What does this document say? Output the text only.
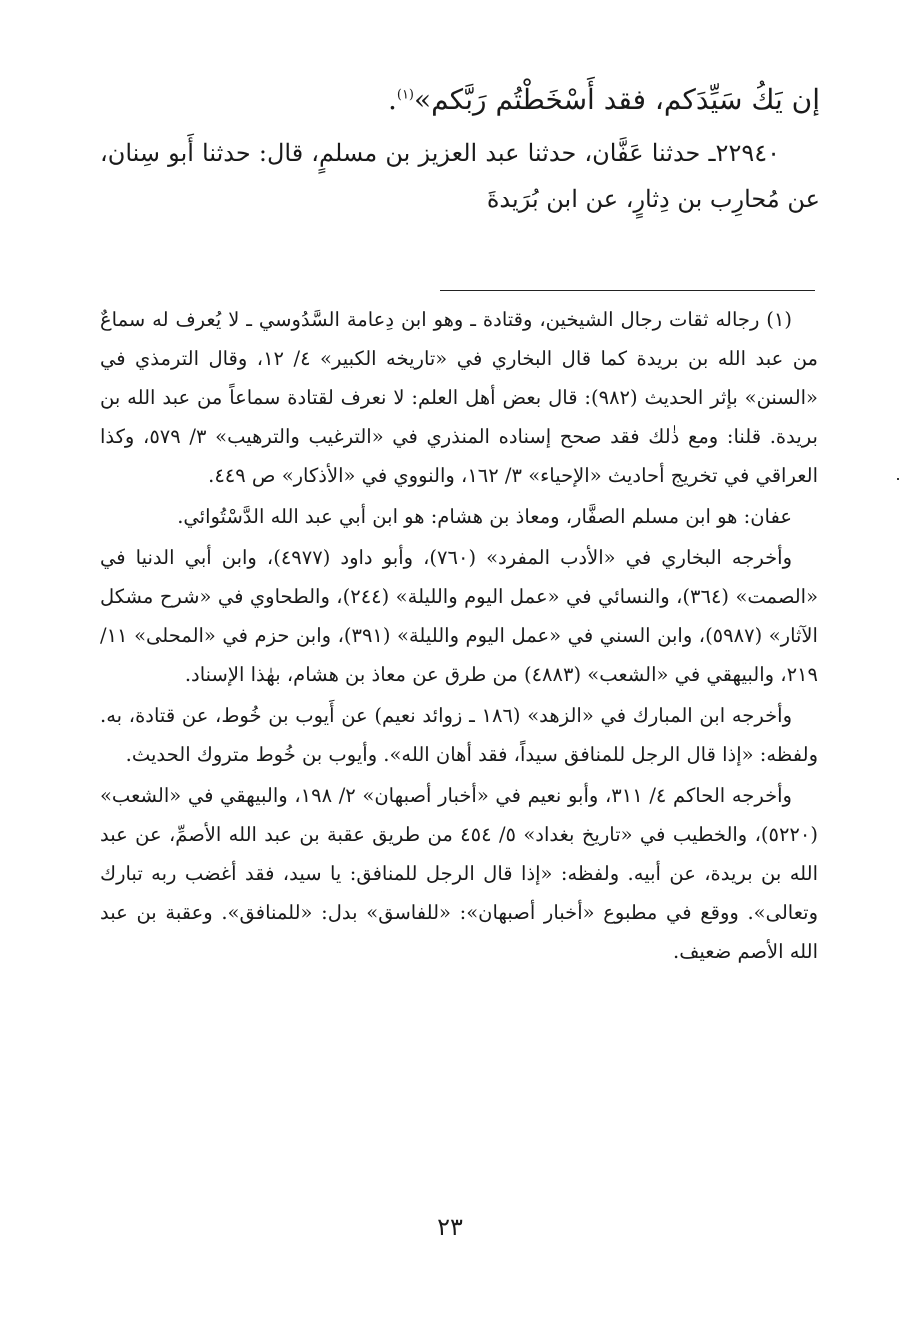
إن يَكُ سَيِّدَكم، فقد أَسْخَطْتُم رَبَّكم»$^{(١)}$.

٢٢٩٤٠ـ حدثنا عَفَّان، حدثنا عبد العزيز بن مسلمٍ، قال: حدثنا أَبو سِنان، عن مُحارِب بن دِثارٍ، عن ابن بُرَيدةَ

(١) رجاله ثقات رجال الشيخين، وقتادة ـ وهو ابن دِعامة السَّدُوسي ـ لا يُعرف له سماعٌ من عبد الله بن بريدة كما قال البخاري في «تاريخه الكبير» ٤/ ١٢، وقال الترمذي في «السنن» بإثر الحديث (٩٨٢): قال بعض أهل العلم: لا نعرف لقتادة سماعاً من عبد الله بن بريدة. قلنا: ومع ذٰلك فقد صحح إسناده المنذري في «الترغيب والترهيب» ٣/ ٥٧٩، وكذا العراقي في تخريج أحاديث «الإحياء» ٣/ ١٦٢، والنووي في «الأذكار» ص ٤٤٩.

عفان: هو ابن مسلم الصفَّار، ومعاذ بن هشام: هو ابن أبي عبد الله الدَّسْتُوائي.

وأخرجه البخاري في «الأدب المفرد» (٧٦٠)، وأبو داود (٤٩٧٧)، وابن أبي الدنيا في «الصمت» (٣٦٤)، والنسائي في «عمل اليوم والليلة» (٢٤٤)، والطحاوي في «شرح مشكل الآثار» (٥٩٨٧)، وابن السني في «عمل اليوم والليلة» (٣٩١)، وابن حزم في «المحلى» ١١/ ٢١٩، والبيهقي في «الشعب» (٤٨٨٣) من طرق عن معاذ بن هشام، بهٰذا الإسناد.

وأخرجه ابن المبارك في «الزهد» (١٨٦ ـ زوائد نعيم) عن أَيوب بن خُوط، عن قتادة، به. ولفظه: «إذا قال الرجل للمنافق سيداً، فقد أهان الله». وأيوب بن خُوط متروك الحديث.

وأخرجه الحاكم ٤/ ٣١١، وأبو نعيم في «أخبار أصبهان» ٢/ ١٩٨، والبيهقي في «الشعب» (٥٢٢٠)، والخطيب في «تاريخ بغداد» ٥/ ٤٥٤ من طريق عقبة بن عبد الله الأصمِّ، عن عبد الله بن بريدة، عن أبيه. ولفظه: «إذا قال الرجل للمنافق: يا سيد، فقد أغضب ربه تبارك وتعالى». ووقع في مطبوع «أخبار أصبهان»: «للفاسق» بدل: «للمنافق». وعقبة بن عبد الله الأصم ضعيف.

٢٣
